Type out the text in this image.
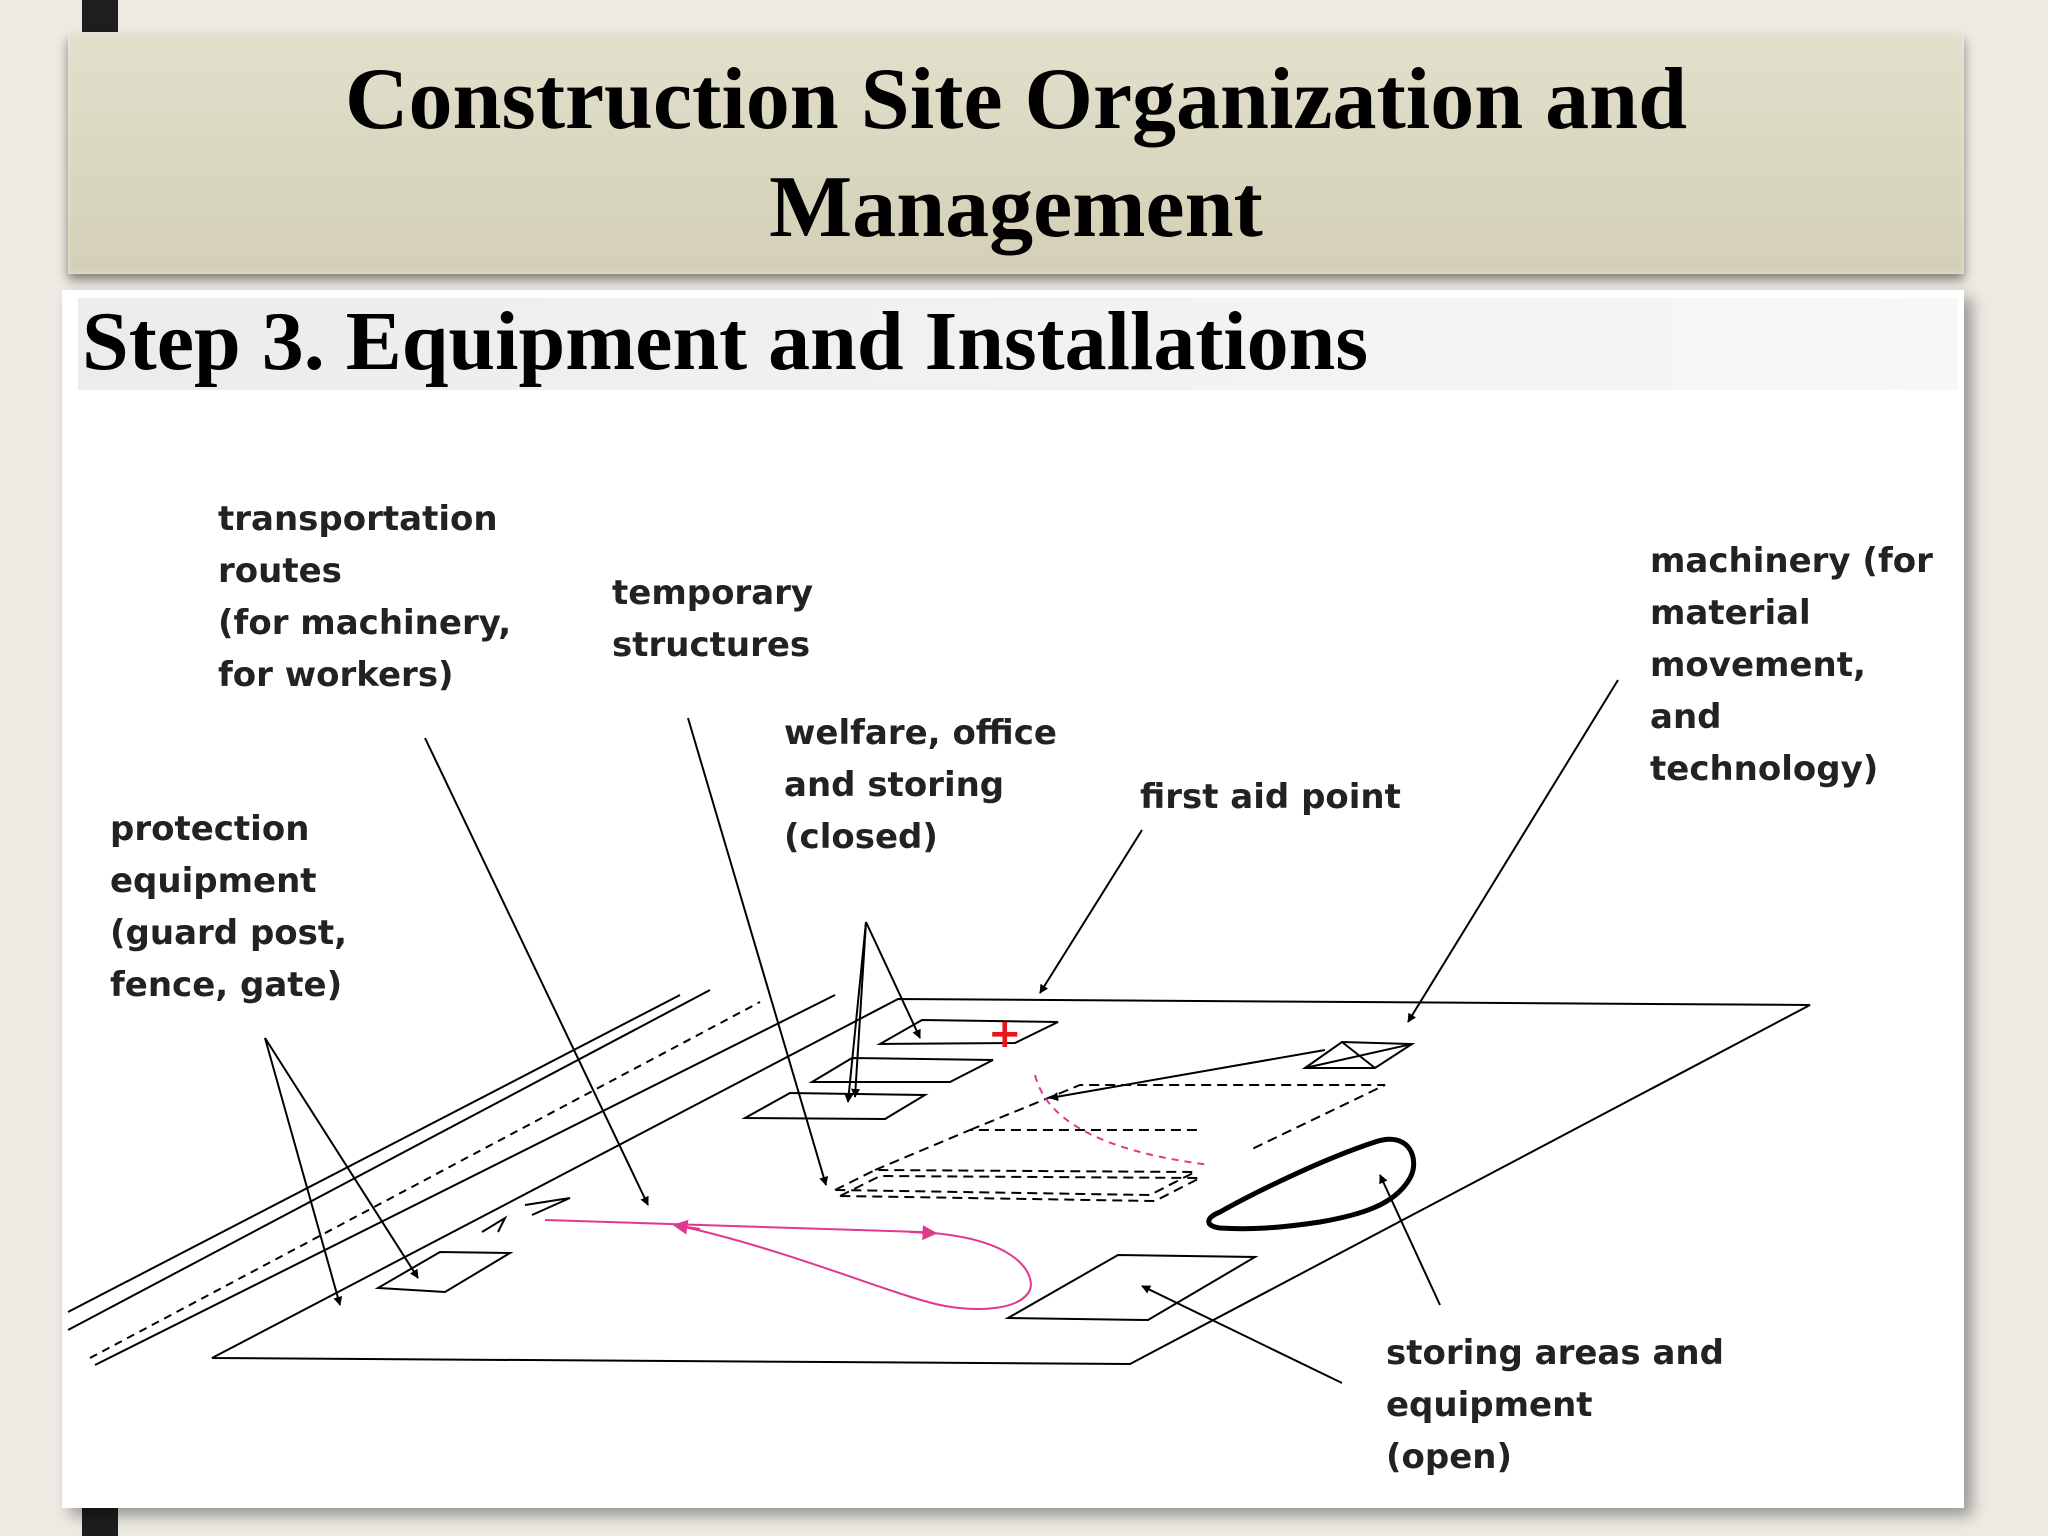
Construction Site Organization and
Management
Step 3. Equipment and Installations
+
transportation
routes
(for machinery,
for workers)
temporary
structures
welfare, office
and storing
(closed)
first aid point
machinery (for
material
movement,
and
technology)
protection
equipment
(guard post,
fence, gate)
storing areas and
equipment
(open)
